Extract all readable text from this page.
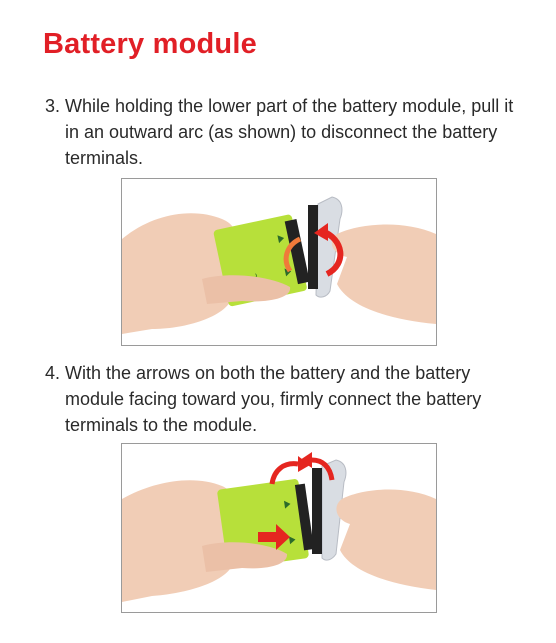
Battery module
3. While holding the lower part of the battery module, pull it in an outward arc (as shown) to disconnect the battery terminals.
4. With the arrows on both the battery and the battery module facing toward you, firmly connect the battery terminals to the module.
